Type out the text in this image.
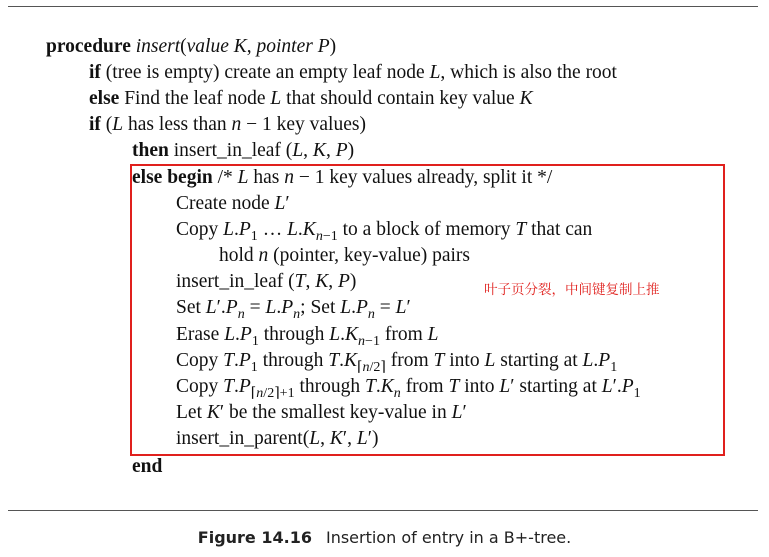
procedure insert(value K, pointer P)
if (tree is empty) create an empty leaf node L, which is also the root
else Find the leaf node L that should contain key value K
if (L has less than n − 1 key values)
then insert_in_leaf (L, K, P)
else begin /* L has n − 1 key values already, split it */
Create node L′
Copy $L.P_1$ … $L.K_{n-1}$ to a block of memory T that can
hold n (pointer, key-value) pairs
insert_in_leaf (T, K, P)
Set $L'.P_n = L.P_n$; Set $L.P_n = L'$
Erase $L.P_1$ through $L.K_{n-1}$ from L
Copy $T.P_1$ through $T.K_{⌈n/2⌉}$ from T into L starting at $L.P_1$
Copy $T.P_{⌈n/2⌉+1}$ through $T.K_n$ from T into L′ starting at $L'.P_1$
Let K′ be the smallest key-value in L′
insert_in_parent(L, K′, L′)
end
叶子页分裂，中间键复制上推
Figure 14.16 Insertion of entry in a B+-tree.
